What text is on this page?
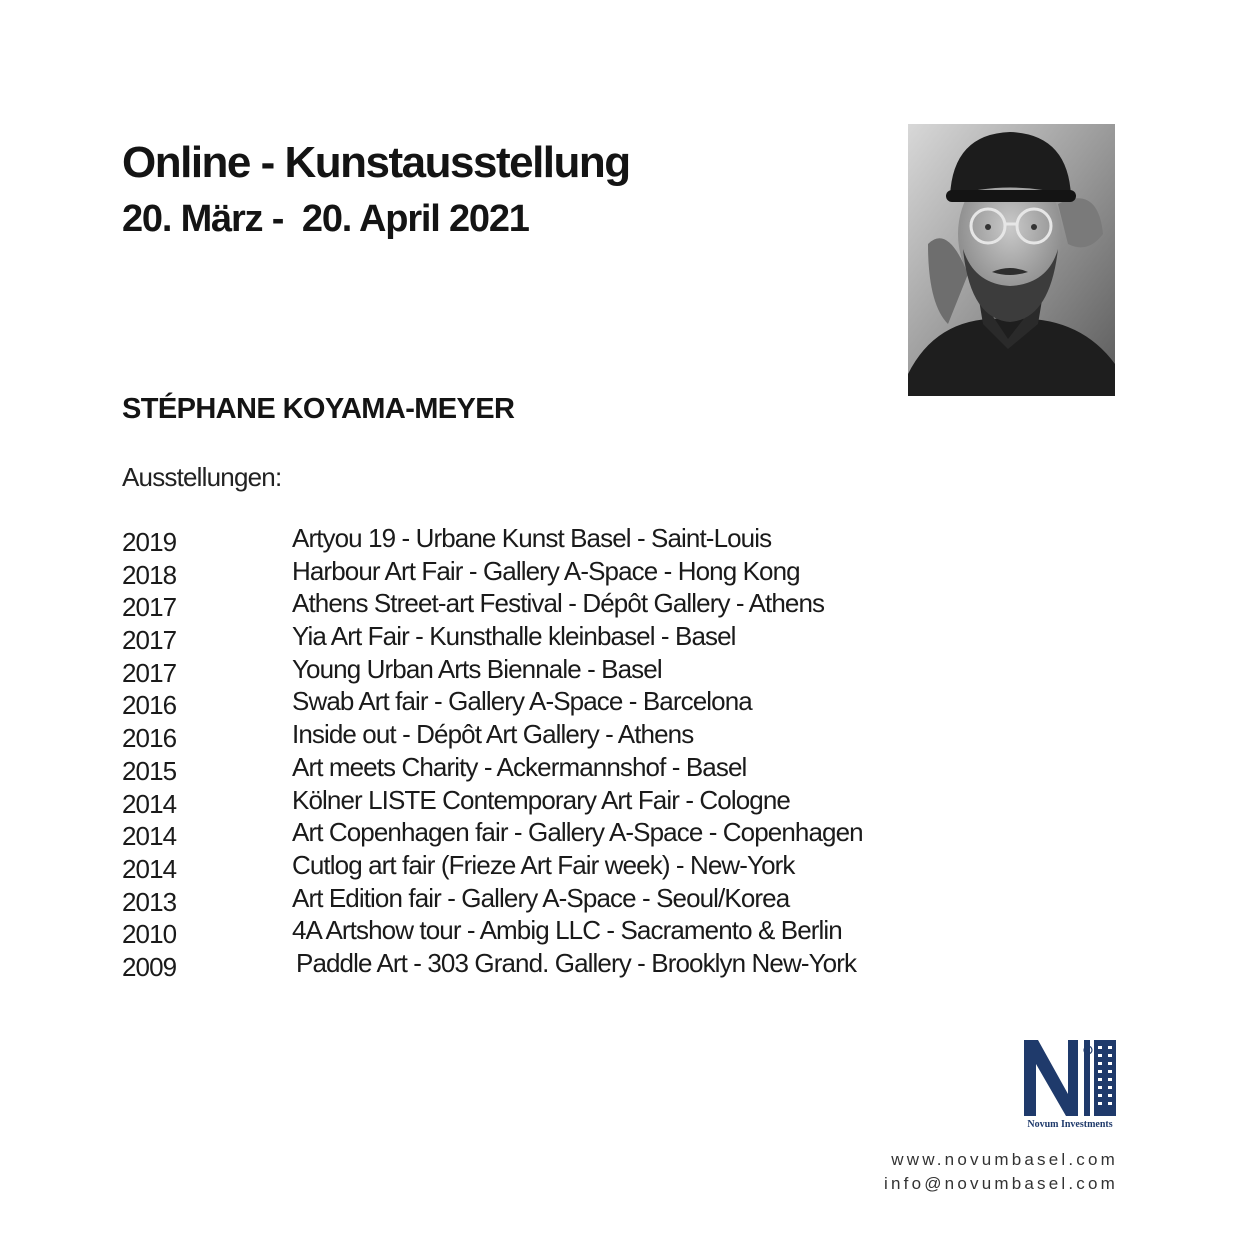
Online - Kunstausstellung
20. März -  20. April 2021
STÉPHANE KOYAMA-MEYER
Ausstellungen:
2019	Artyou 19 - Urbane Kunst Basel - Saint-Louis
2018	Harbour Art Fair - Gallery A-Space - Hong Kong
2017	Athens Street-art Festival - Dépôt Gallery - Athens
2017	Yia Art Fair - Kunsthalle kleinbasel - Basel
2017	Young Urban Arts Biennale - Basel
2016	Swab Art fair - Gallery A-Space - Barcelona
2016	Inside out - Dépôt Art Gallery - Athens
2015	Art meets Charity - Ackermannshof - Basel
2014	Kölner LISTE Contemporary Art Fair - Cologne
2014	Art Copenhagen fair - Gallery A-Space - Copenhagen
2014	Cutlog art fair (Frieze Art Fair week) - New-York
2013	Art Edition fair - Gallery A-Space - Seoul/Korea
2010	4A Artshow tour - Ambig LLC - Sacramento & Berlin
2009	Paddle Art - 303 Grand. Gallery - Brooklyn New-York
Novum Investments
www.novumbasel.com
info@novumbasel.com
